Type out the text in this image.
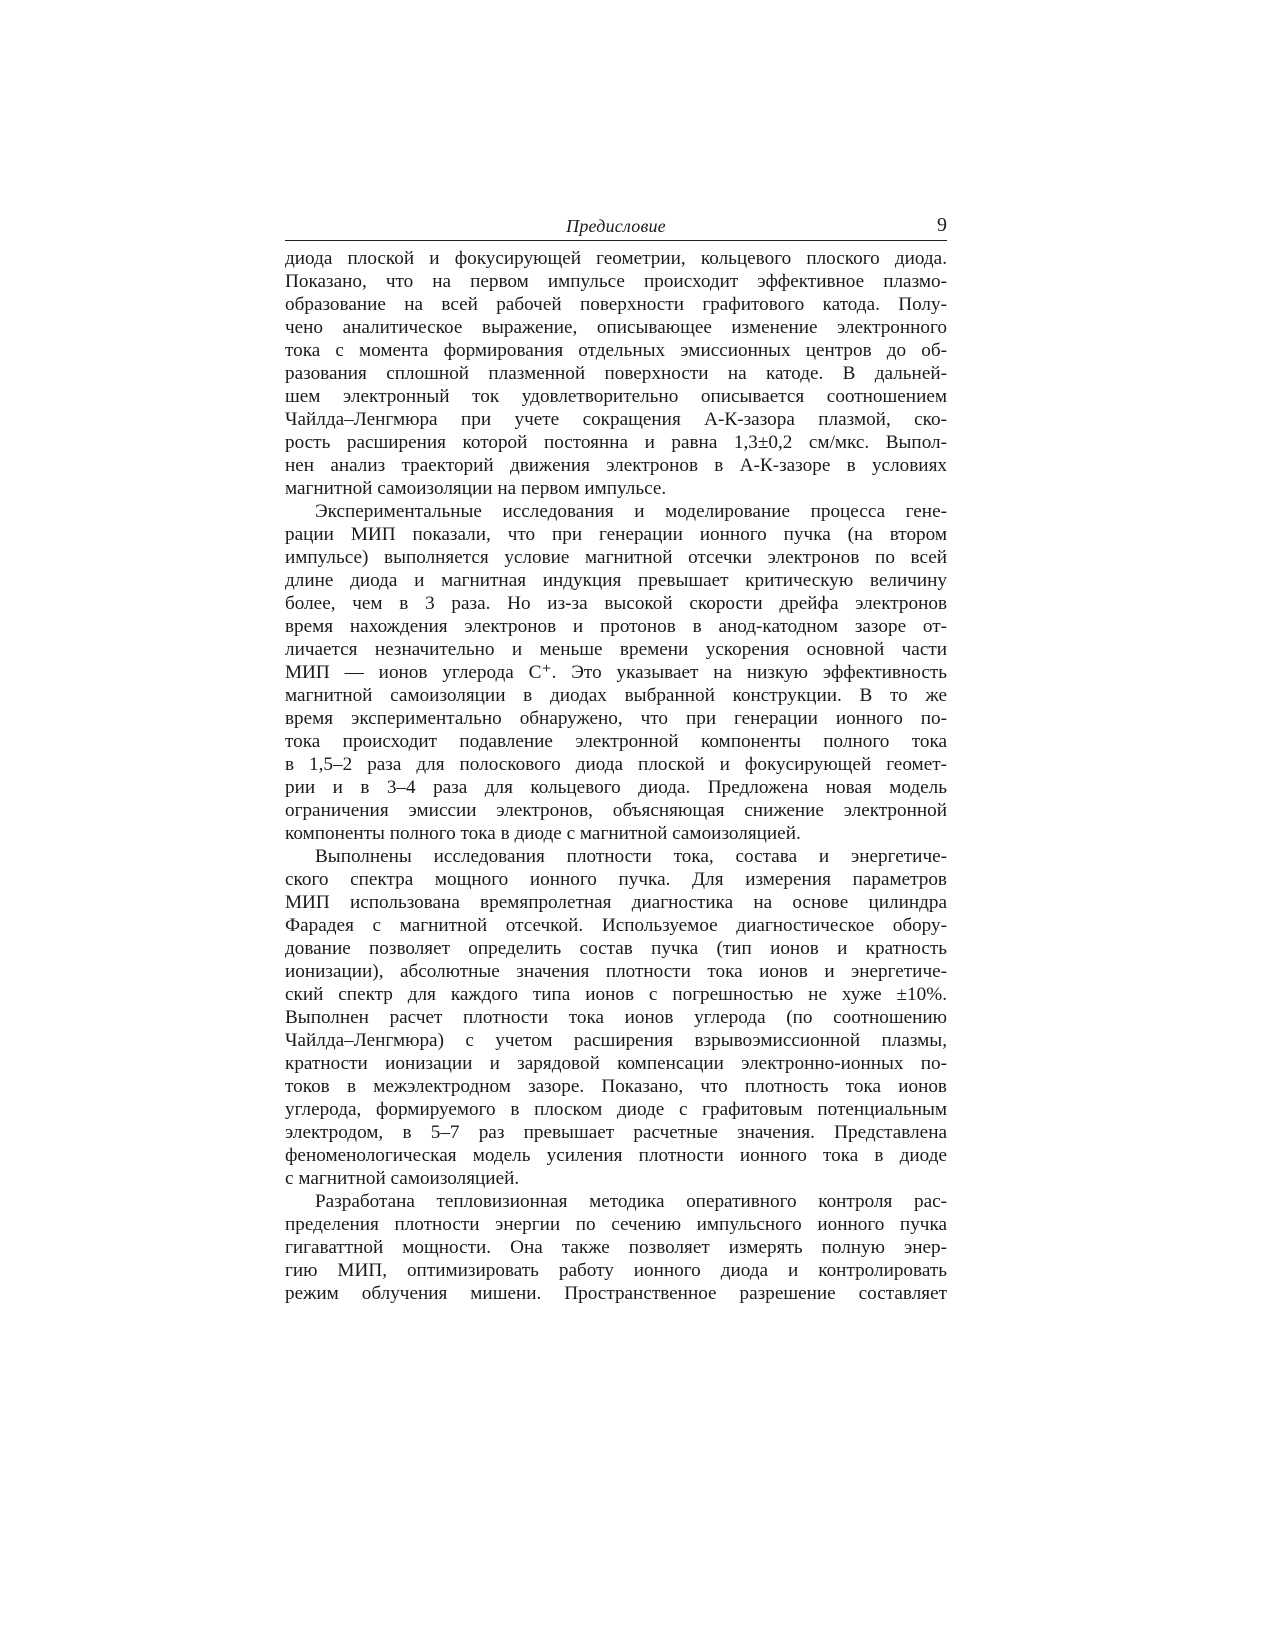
Предисловие	9

диода плоской и фокусирующей геометрии, кольцевого плоского диода.
Показано, что на первом импульсе происходит эффективное плазмо-
образование на всей рабочей поверхности графитового катода. Полу-
чено аналитическое выражение, описывающее изменение электронного
тока с момента формирования отдельных эмиссионных центров до об-
разования сплошной плазменной поверхности на катоде. В дальней-
шем электронный ток удовлетворительно описывается соотношением
Чайлда–Ленгмюра при учете сокращения А-К-зазора плазмой, ско-
рость расширения которой постоянна и равна 1,3±0,2 см/мкс. Выпол-
нен анализ траекторий движения электронов в А-К-зазоре в условиях
магнитной самоизоляции на первом импульсе.

Экспериментальные исследования и моделирование процесса гене-
рации МИП показали, что при генерации ионного пучка (на втором
импульсе) выполняется условие магнитной отсечки электронов по всей
длине диода и магнитная индукция превышает критическую величину
более, чем в 3 раза. Но из-за высокой скорости дрейфа электронов
время нахождения электронов и протонов в анод-катодном зазоре от-
личается незначительно и меньше времени ускорения основной части
МИП — ионов углерода C⁺. Это указывает на низкую эффективность
магнитной самоизоляции в диодах выбранной конструкции. В то же
время экспериментально обнаружено, что при генерации ионного по-
тока происходит подавление электронной компоненты полного тока
в 1,5–2 раза для полоскового диода плоской и фокусирующей геомет-
рии и в 3–4 раза для кольцевого диода. Предложена новая модель
ограничения эмиссии электронов, объясняющая снижение электронной
компоненты полного тока в диоде с магнитной самоизоляцией.

Выполнены исследования плотности тока, состава и энергетиче-
ского спектра мощного ионного пучка. Для измерения параметров
МИП использована времяпролетная диагностика на основе цилиндра
Фарадея с магнитной отсечкой. Используемое диагностическое обору-
дование позволяет определить состав пучка (тип ионов и кратность
ионизации), абсолютные значения плотности тока ионов и энергетиче-
ский спектр для каждого типа ионов с погрешностью не хуже ±10%.
Выполнен расчет плотности тока ионов углерода (по соотношению
Чайлда–Ленгмюра) с учетом расширения взрывоэмиссионной плазмы,
кратности ионизации и зарядовой компенсации электронно-ионных по-
токов в межэлектродном зазоре. Показано, что плотность тока ионов
углерода, формируемого в плоском диоде с графитовым потенциальным
электродом, в 5–7 раз превышает расчетные значения. Представлена
феноменологическая модель усиления плотности ионного тока в диоде
с магнитной самоизоляцией.

Разработана тепловизионная методика оперативного контроля рас-
пределения плотности энергии по сечению импульсного ионного пучка
гигаваттной мощности. Она также позволяет измерять полную энер-
гию МИП, оптимизировать работу ионного диода и контролировать
режим облучения мишени. Пространственное разрешение составляет
